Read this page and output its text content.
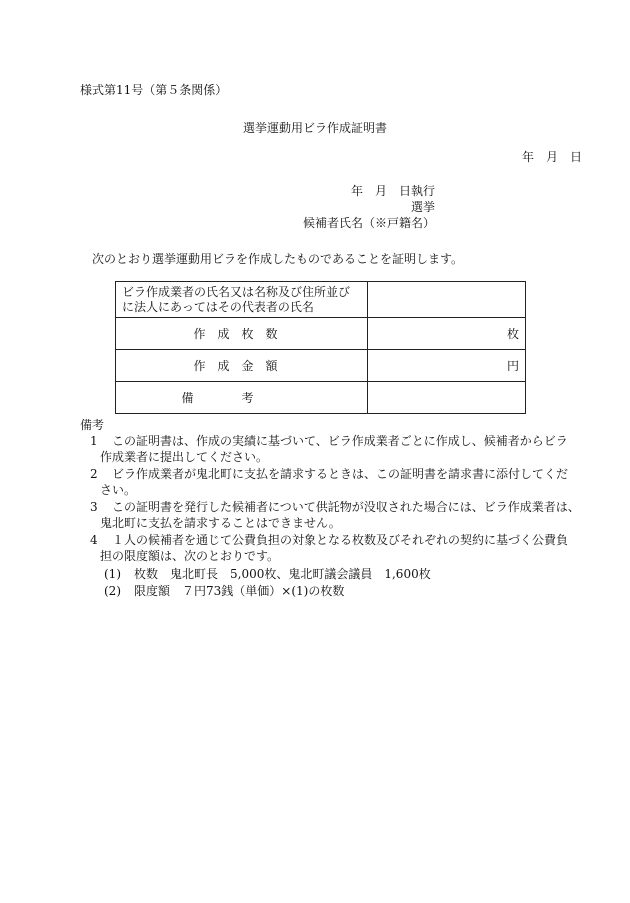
様式第11号（第５条関係）
選挙運動用ビラ作成証明書
年　月　日
年　月　日執行
選挙
候補者氏名（※戸籍名）
次のとおり選挙運動用ビラを作成したものであることを証明します。
ビラ作成業者の氏名又は名称及び住所並び
に法人にあってはその代表者の氏名	

作成枚数	枚
作成金額	円
備考	
備考
1 この証明書は、作成の実績に基づいて、ビラ作成業者ごとに作成し、候補者からビラ
作成業者に提出してください。
2 ビラ作成業者が鬼北町に支払を請求するときは、この証明書を請求書に添付してくだ
さい。
3 この証明書を発行した候補者について供託物が没収された場合には、ビラ作成業者は、
鬼北町に支払を請求することはできません。
4 １人の候補者を通じて公費負担の対象となる枚数及びそれぞれの契約に基づく公費負
担の限度額は、次のとおりです。
(1) 枚数　鬼北町長　5,000枚、鬼北町議会議員　1,600枚
(2) 限度額　７円73銭（単価）×(1)の枚数
